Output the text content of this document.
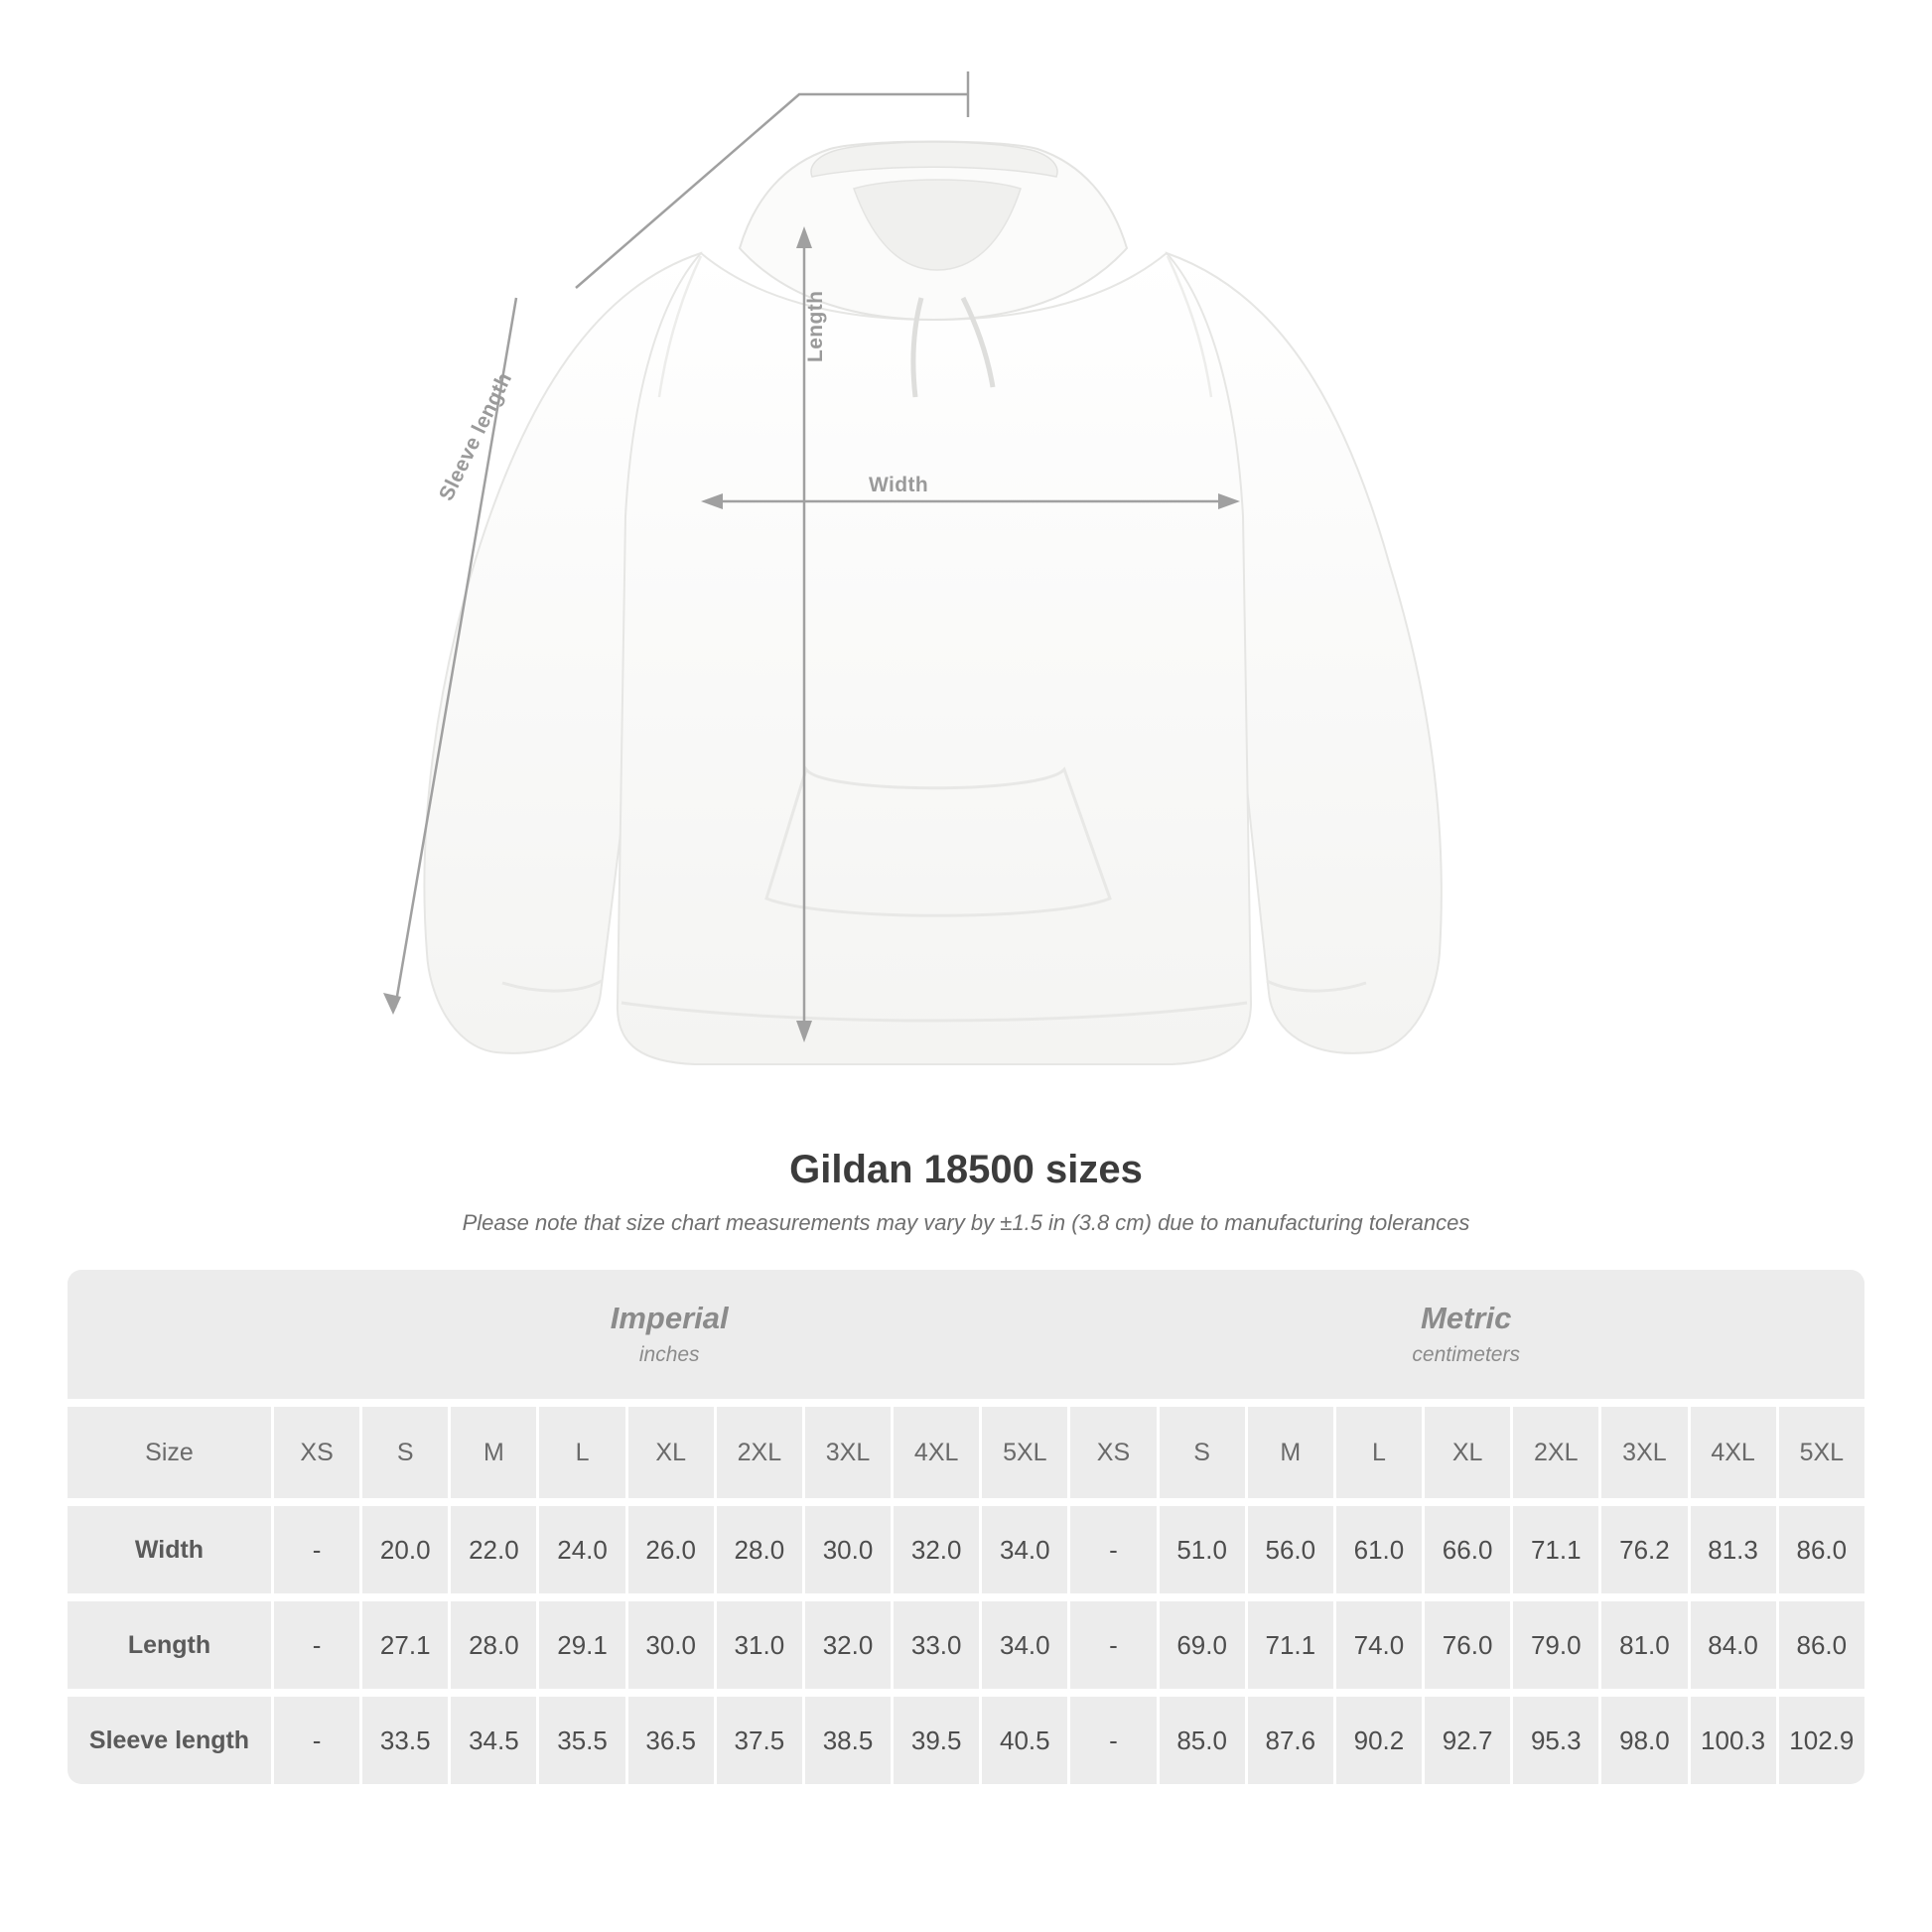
Width
Length
Sleeve length
Gildan 18500 sizes

Please note that size chart measurements may vary by ±1.5 in (3.8 cm) due to manufacturing tolerances

Imperial
inches

Metric
centimeters

Size	XS	S	M	L	XL	2XL	3XL	4XL	5XL	XS	S	M	L	XL	2XL	3XL	4XL	5XL

Width	-	20.0	22.0	24.0	26.0	28.0	30.0	32.0	34.0	-	51.0	56.0	61.0	66.0	71.1	76.2	81.3	86.0

Length	-	27.1	28.0	29.1	30.0	31.0	32.0	33.0	34.0	-	69.0	71.1	74.0	76.0	79.0	81.0	84.0	86.0

Sleeve length	-	33.5	34.5	35.5	36.5	37.5	38.5	39.5	40.5	-	85.0	87.6	90.2	92.7	95.3	98.0	100.3	102.9
